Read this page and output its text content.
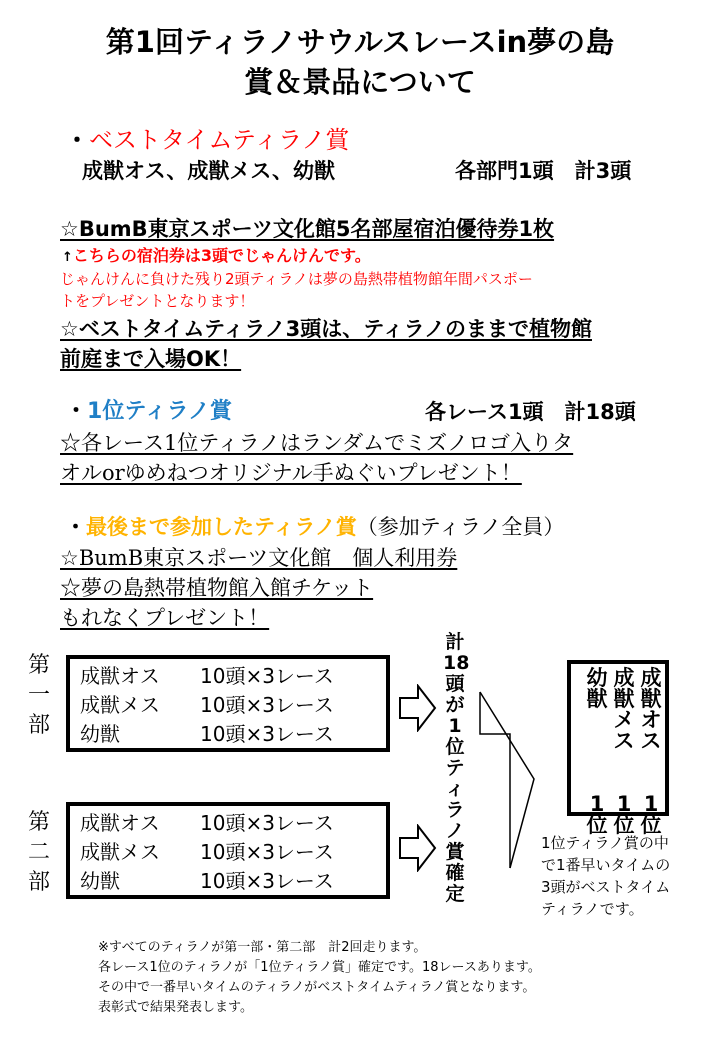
第1回ティラノサウルスレースin夢の島
賞＆景品について
・ベストタイムティラノ賞
成獣オス、成獣メス、幼獣	各部門1頭　計3頭
☆BumB東京スポーツ文化館5名部屋宿泊優待券1枚
↑こちらの宿泊券は3頭でじゃんけんです。
じゃんけんに負けた残り2頭ティラノは夢の島熱帯植物館年間パスポー
トをプレゼントとなります！
☆ベストタイムティラノ3頭は、ティラノのままで植物館
前庭まで入場OK！
・1位ティラノ賞	各レース1頭　計18頭
☆各レース1位ティラノはランダムでミズノロゴ入りタ
オルorゆめねつオリジナル手ぬぐいプレゼント！
・最後まで参加したティラノ賞（参加ティラノ全員）
☆BumB東京スポーツ文化館　個人利用券
☆夢の島熱帯植物館入館チケット
もれなくプレゼント！
第
一
部
第
二
部
成獣オス 10頭×3レース
成獣メス 10頭×3レース
幼獣	10頭×3レース
成獣オス 10頭×3レース
成獣メス 10頭×3レース
幼獣	10頭×3レース
計
18
頭
が
1
位
テ
ィ
ラ
ノ
賞
確
定
幼
獣

1
位
成
獣
メ
ス

1
位
成
獣
オ
ス

1
位
1位ティラノ賞の中
で1番早いタイムの
3頭がベストタイム
ティラノです。
※すべてのティラノが第一部・第二部　計2回走ります。
各レース1位のティラノが「1位ティラノ賞」確定です。18レースあります。
その中で一番早いタイムのティラノがベストタイムティラノ賞となります。
表彰式で結果発表します。
